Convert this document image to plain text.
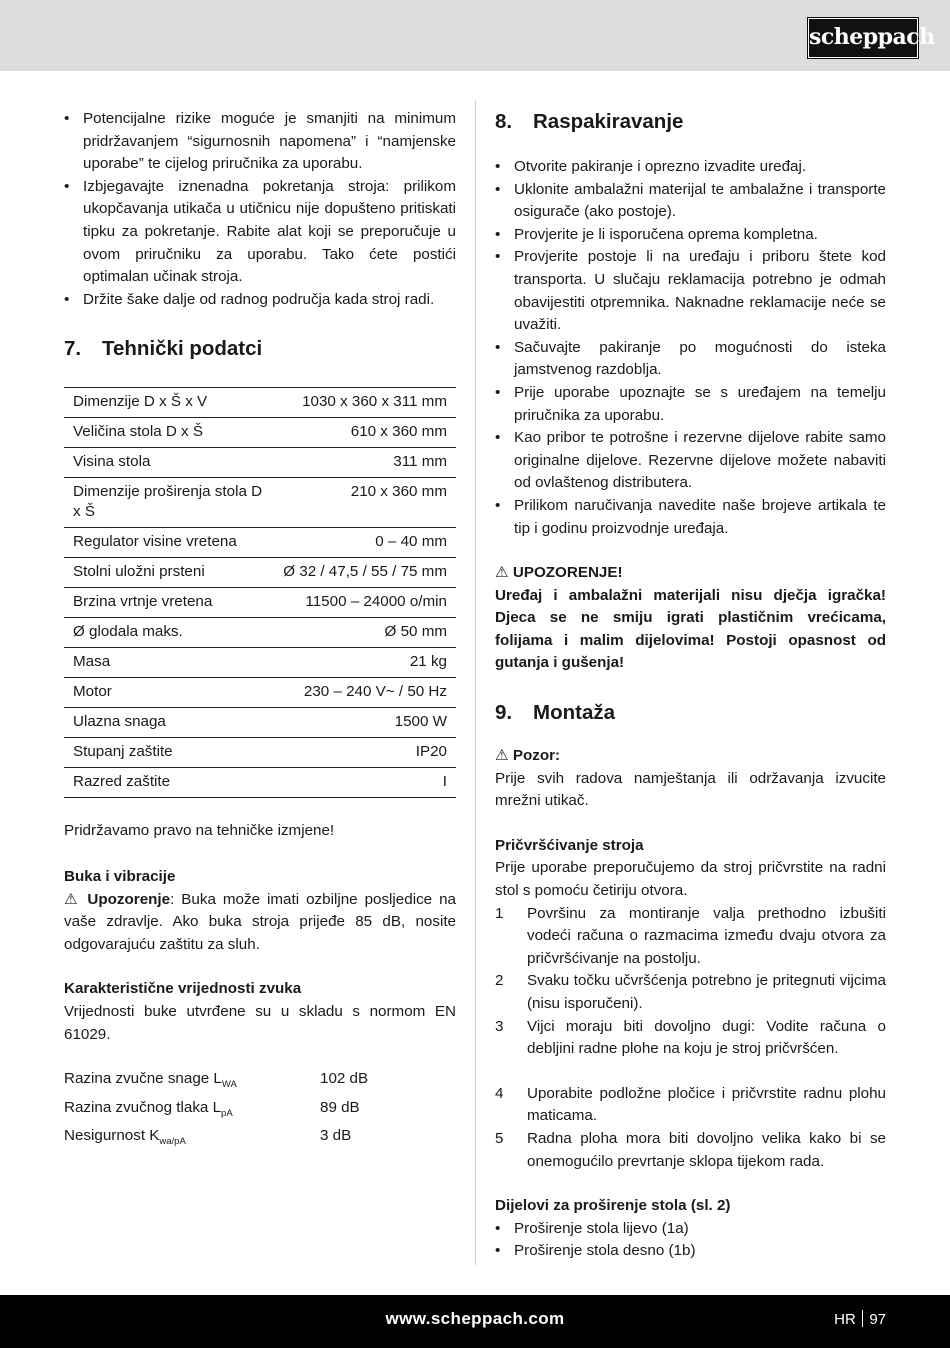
scheppach
• Potencijalne rizike moguće je smanjiti na minimum pridržavanjem “sigurnosnih napomena” i “namjenske uporabe” te cijelog priručnika za uporabu.
• Izbjegavajte iznenadna pokretanja stroja: prilikom ukopčavanja utikača u utičnicu nije dopušteno pritiskati tipku za pokretanje. Rabite alat koji se preporučuje u ovom priručniku za uporabu. Tako ćete postići optimalan učinak stroja.
• Držite šake dalje od radnog područja kada stroj radi.
7. Tehnički podatci
Dimenzije D x Š x V	1030 x 360 x 311 mm
Veličina stola D x Š	610 x 360 mm
Visina stola	311 mm
Dimenzije proširenja stola D x Š	210 x 360 mm
Regulator visine vretena	0 – 40 mm
Stolni uložni prsteni	Ø 32 / 47,5 / 55 / 75 mm
Brzina vrtnje vretena	11500 – 24000 o/min
Ø glodala maks.	Ø 50 mm
Masa	21 kg
Motor	230 – 240 V~ / 50 Hz
Ulazna snaga	1500 W
Stupanj zaštite	IP20
Razred zaštite	I

Pridržavamo pravo na tehničke izmjene!

Buka i vibracije

⚠ Upozorenje: Buka može imati ozbiljne posljedice na vaše zdravlje. Ako buka stroja prijeđe 85 dB, nosite odgovarajuću zaštitu za sluh.

Karakteristične vrijednosti zvuka

Vrijednosti buke utvrđene su u skladu s normom EN 61029.

Razina zvučne snage $L_{WA}$	102 dB
Razina zvučnog tlaka $L_{pA}$	89 dB
Nesigurnost $K_{wa/pA}$	3 dB
8. Raspakiravanje
• Otvorite pakiranje i oprezno izvadite uređaj.
• Uklonite ambalažni materijal te ambalažne i transporte osigurače (ako postoje).
• Provjerite je li isporučena oprema kompletna.
• Provjerite postoje li na uređaju i priboru štete kod transporta. U slučaju reklamacija potrebno je odmah obavijestiti otpremnika. Naknadne reklamacije neće se uvažiti.
• Sačuvajte pakiranje po mogućnosti do isteka jamstvenog razdoblja.
• Prije uporabe upoznajte se s uređajem na temelju priručnika za uporabu.
• Kao pribor te potrošne i rezervne dijelove rabite samo originalne dijelove. Rezervne dijelove možete nabaviti od ovlaštenog distributera.
• Prilikom naručivanja navedite naše brojeve artikala te tip i godinu proizvodnje uređaja.

⚠ UPOZORENJE!

Uređaj i ambalažni materijali nisu dječja igračka! Djeca se ne smiju igrati plastičnim vrećicama, folijama i malim dijelovima! Postoji opasnost od gutanja i gušenja!

9. Montaža

⚠ Pozor:

Prije svih radova namještanja ili održavanja izvucite mrežni utikač.

Pričvršćivanje stroja

Prije uporabe preporučujemo da stroj pričvrstite na radni stol s pomoću četiriju otvora.

1 Površinu za montiranje valja prethodno izbušiti vodeći računa o razmacima između dvaju otvora za pričvršćivanje na postolju.
2 Svaku točku učvršćenja potrebno je pritegnuti vijcima (nisu isporučeni).
3 Vijci moraju biti dovoljno dugi: Vodite računa o debljini radne plohe na koju je stroj pričvršćen.
4 Uporabite podložne pločice i pričvrstite radnu plohu maticama.
5 Radna ploha mora biti dovoljno velika kako bi se onemogućilo prevrtanje sklopa tijekom rada.

Dijelovi za proširenje stola (sl. 2)

• Proširenje stola lijevo (1a)
• Proširenje stola desno (1b)
www.scheppach.com	HR 97
